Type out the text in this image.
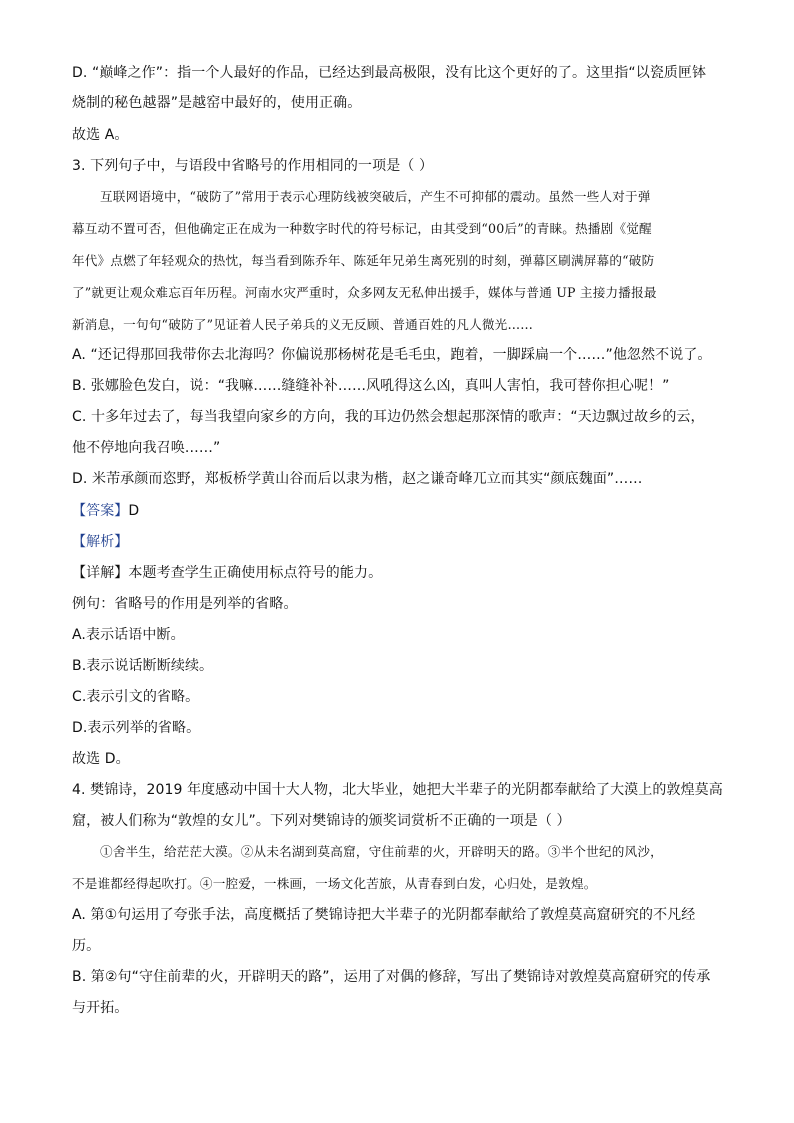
D. “巅峰之作”：指一个人最好的作品，已经达到最高极限，没有比这个更好的了。这里指“以瓷质匣钵

烧制的秘色越器”是越窑中最好的，使用正确。

故选 A。

3. 下列句子中，与语段中省略号的作用相同的一项是（ ）

互联网语境中，“破防了”常用于表示心理防线被突破后，产生不可抑郁的震动。虽然一些人对于弹

幕互动不置可否，但他确定正在成为一种数字时代的符号标记，由其受到“00后”的青睐。热播剧《觉醒

年代》点燃了年轻观众的热忱，每当看到陈乔年、陈延年兄弟生离死别的时刻，弹幕区刷满屏幕的“破防

了”就更让观众难忘百年历程。河南水灾严重时，众多网友无私伸出援手，媒体与普通 UP 主接力播报最

新消息，一句句“破防了”见证着人民子弟兵的义无反顾、普通百姓的凡人微光……

A. “还记得那回我带你去北海吗？你偏说那杨树花是毛毛虫，跑着，一脚踩扁一个……”他忽然不说了。

B. 张娜脸色发白，说：“我嘛……缝缝补补……风吼得这么凶，真叫人害怕，我可替你担心呢！”

C. 十多年过去了，每当我望向家乡的方向，我的耳边仍然会想起那深情的歌声：“天边飘过故乡的云，

他不停地向我召唤……”

D. 米芾承颜而恣野，郑板桥学黄山谷而后以隶为楷，赵之谦奇峰兀立而其实“颜底魏面”……

【答案】D

【解析】

【详解】本题考查学生正确使用标点符号的能力。

例句：省略号的作用是列举的省略。

A.表示话语中断。

B.表示说话断断续续。

C.表示引文的省略。

D.表示列举的省略。

故选 D。

4. 樊锦诗，2019 年度感动中国十大人物，北大毕业，她把大半辈子的光阴都奉献给了大漠上的敦煌莫高

窟，被人们称为“敦煌的女儿”。下列对樊锦诗的颁奖词赏析不正确的一项是（ ）

①舍半生，给茫茫大漠。②从未名湖到莫高窟，守住前辈的火，开辟明天的路。③半个世纪的风沙，

不是谁都经得起吹打。④一腔爱，一株画，一场文化苦旅，从青春到白发，心归处，是敦煌。

A. 第①句运用了夸张手法，高度概括了樊锦诗把大半辈子的光阴都奉献给了敦煌莫高窟研究的不凡经

历。

B. 第②句“守住前辈的火，开辟明天的路”，运用了对偶的修辞，写出了樊锦诗对敦煌莫高窟研究的传承

与开拓。
